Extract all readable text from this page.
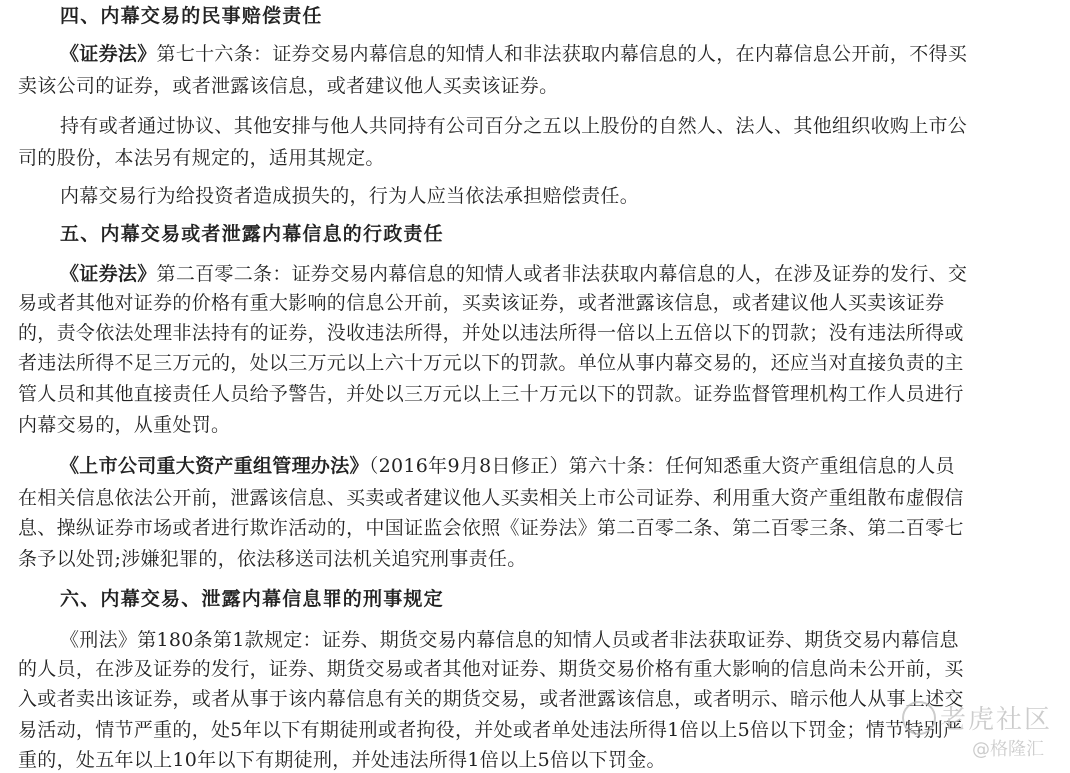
四、内幕交易的民事赔偿责任
《证券法》第七十六条：证券交易内幕信息的知情人和非法获取内幕信息的人，在内幕信息公开前，不得买
卖该公司的证券，或者泄露该信息，或者建议他人买卖该证券。
持有或者通过协议、其他安排与他人共同持有公司百分之五以上股份的自然人、法人、其他组织收购上市公
司的股份，本法另有规定的，适用其规定。
内幕交易行为给投资者造成损失的，行为人应当依法承担赔偿责任。
五、内幕交易或者泄露内幕信息的行政责任
《证券法》第二百零二条：证券交易内幕信息的知情人或者非法获取内幕信息的人，在涉及证券的发行、交
易或者其他对证券的价格有重大影响的信息公开前，买卖该证券，或者泄露该信息，或者建议他人买卖该证券
的，责令依法处理非法持有的证券，没收违法所得，并处以违法所得一倍以上五倍以下的罚款；没有违法所得或
者违法所得不足三万元的，处以三万元以上六十万元以下的罚款。单位从事内幕交易的，还应当对直接负责的主
管人员和其他直接责任人员给予警告，并处以三万元以上三十万元以下的罚款。证券监督管理机构工作人员进行
内幕交易的，从重处罚。
《上市公司重大资产重组管理办法》（2016年9月8日修正）第六十条：任何知悉重大资产重组信息的人员
在相关信息依法公开前，泄露该信息、买卖或者建议他人买卖相关上市公司证券、利用重大资产重组散布虚假信
息、操纵证券市场或者进行欺诈活动的，中国证监会依照《证券法》第二百零二条、第二百零三条、第二百零七
条予以处罚;涉嫌犯罪的，依法移送司法机关追究刑事责任。
六、内幕交易、泄露内幕信息罪的刑事规定
《刑法》第180条第1款规定：证券、期货交易内幕信息的知情人员或者非法获取证券、期货交易内幕信息
的人员，在涉及证券的发行，证券、期货交易或者其他对证券、期货交易价格有重大影响的信息尚未公开前，买
入或者卖出该证券，或者从事于该内幕信息有关的期货交易，或者泄露该信息，或者明示、暗示他人从事上述交
易活动，情节严重的，处5年以下有期徒刑或者拘役，并处或者单处违法所得1倍以上5倍以下罚金；情节特别严
重的，处五年以上10年以下有期徒刑，并处违法所得1倍以上5倍以下罚金。
老虎社区
@格隆汇
